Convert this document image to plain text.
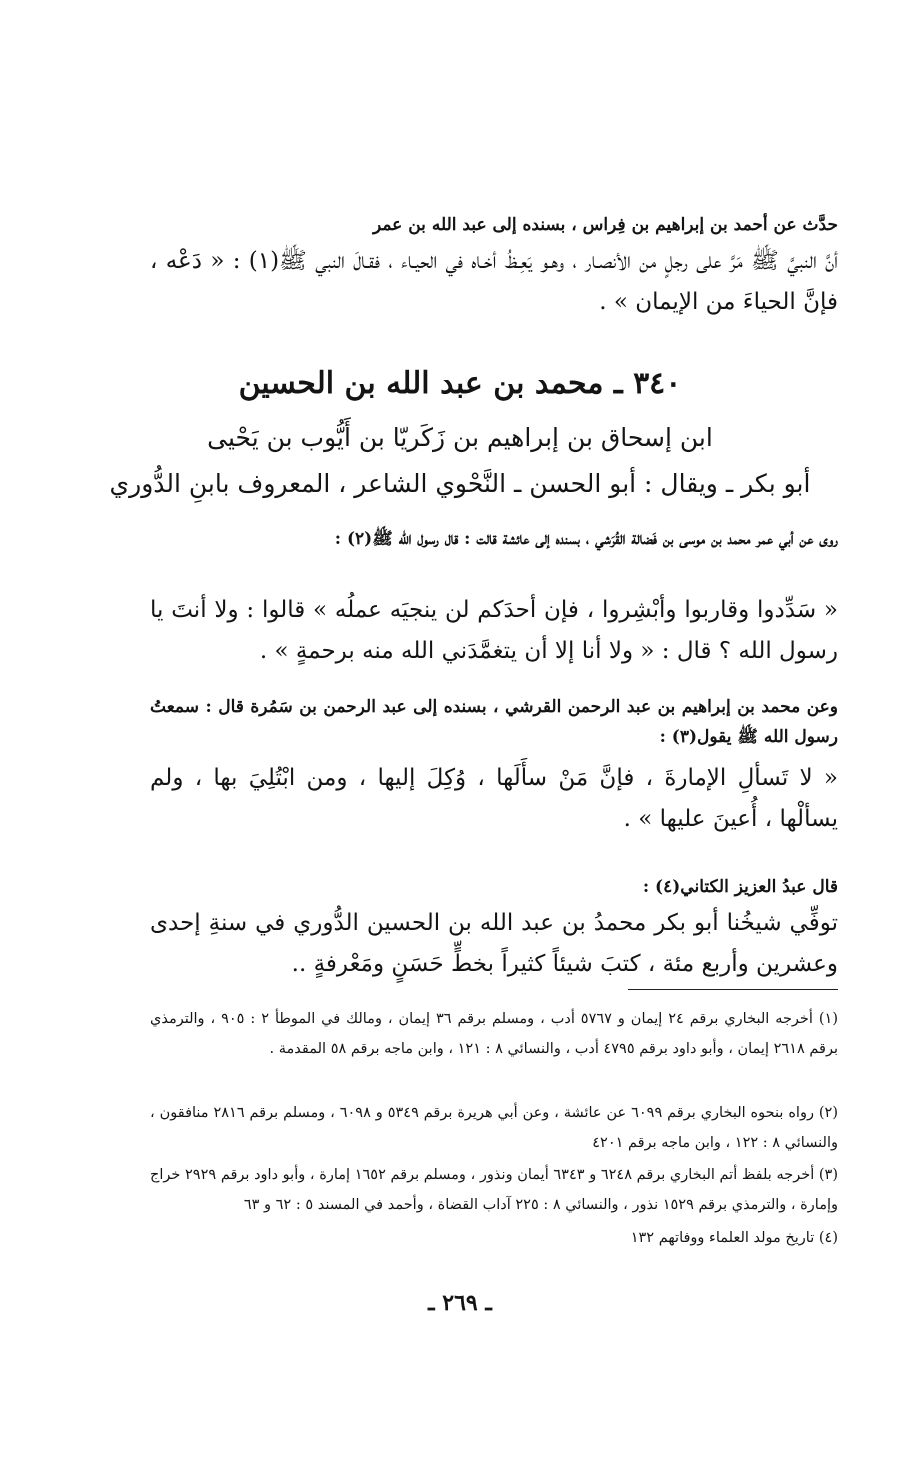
حدَّث عن أحمد بن إبراهيم بن فِراس ، بسنده إلى عبد الله بن عمر
أنَّ النبيَّ ﷺ مَرَّ على رجلٍ من الأنصـار ، وهـو يَعِـظُ أخـاه في الحيـاء ، فقـالَ النبي ﷺ(١) : « دَعْه ، فإنَّ الحياءَ من الإيمان » .
٣٤٠ ـ محمد بن عبد الله بن الحسين
ابن إسحاق بن إبراهيم بن زَكَريّا بن أَيُّوب بن يَحْيى
أبو بكر ـ ويقال : أبو الحسن ـ النَّحْوي الشاعر ، المعروف بابنِ الدُّوري
روى عن أبي عمر محمد بن موسى بن فَضالة القُرَشي ، بسنده إلى عائشة قالت : قال رسول الله ﷺ(٢) :
« سَدِّدوا وقاربوا وأبْشِروا ، فإن أحدَكم لن ينجيَه عملُه » قالوا : ولا أنتَ يا رسول الله ؟ قال : « ولا أنا إلا أن يتغمَّدَني الله منه برحمةٍ » .
وعن محمد بن إبراهيم بن عبد الرحمن القرشي ، بسنده إلى عبد الرحمن بن سَمُرة قال : سمعتُ رسول الله ﷺ يقول(٣) :
« لا تَسألِ الإمارةَ ، فإنَّ مَنْ سأَلَها ، وُكِلَ إليها ، ومن ابْتُلِيَ بها ، ولم يسألْها ، أُعينَ عليها » .
قال عبدُ العزيز الكتاني(٤) :
توفِّي شيخُنا أبو بكر محمدُ بن عبد الله بن الحسين الدُّوري في سنةِ إحدى وعشرين وأربع مئة ، كتبَ شيئاً كثيراً بخطٍّ حَسَنٍ ومَعْرفةٍ ..
(١) أخرجه البخاري برقم ٢٤ إيمان و ٥٧٦٧ أدب ، ومسلم برقم ٣٦ إيمان ، ومالك في الموطأ ٢ : ٩٠٥ ، والترمذي برقم ٢٦١٨ إيمان ، وأبو داود برقم ٤٧٩٥ أدب ، والنسائي ٨ : ١٢١ ، وابن ماجه برقم ٥٨ المقدمة .
(٢) رواه بنحوه البخاري برقم ٦٠٩٩ عن عائشة ، وعن أبي هريرة برقم ٥٣٤٩ و ٦٠٩٨ ، ومسلم برقم ٢٨١٦ منافقون ، والنسائي ٨ : ١٢٢ ، وابن ماجه برقم ٤٢٠١
(٣) أخرجه بلفظ أتم البخاري برقم ٦٢٤٨ و ٦٣٤٣ أيمان ونذور ، ومسلم برقم ١٦٥٢ إمارة ، وأبو داود برقم ٢٩٢٩ خراج وإمارة ، والترمذي برقم ١٥٢٩ نذور ، والنسائي ٨ : ٢٢٥ آداب القضاة ، وأحمد في المسند ٥ : ٦٢ و ٦٣
(٤) تاريخ مولد العلماء ووفاتهم ١٣٢
ـ ٢٦٩ ـ
